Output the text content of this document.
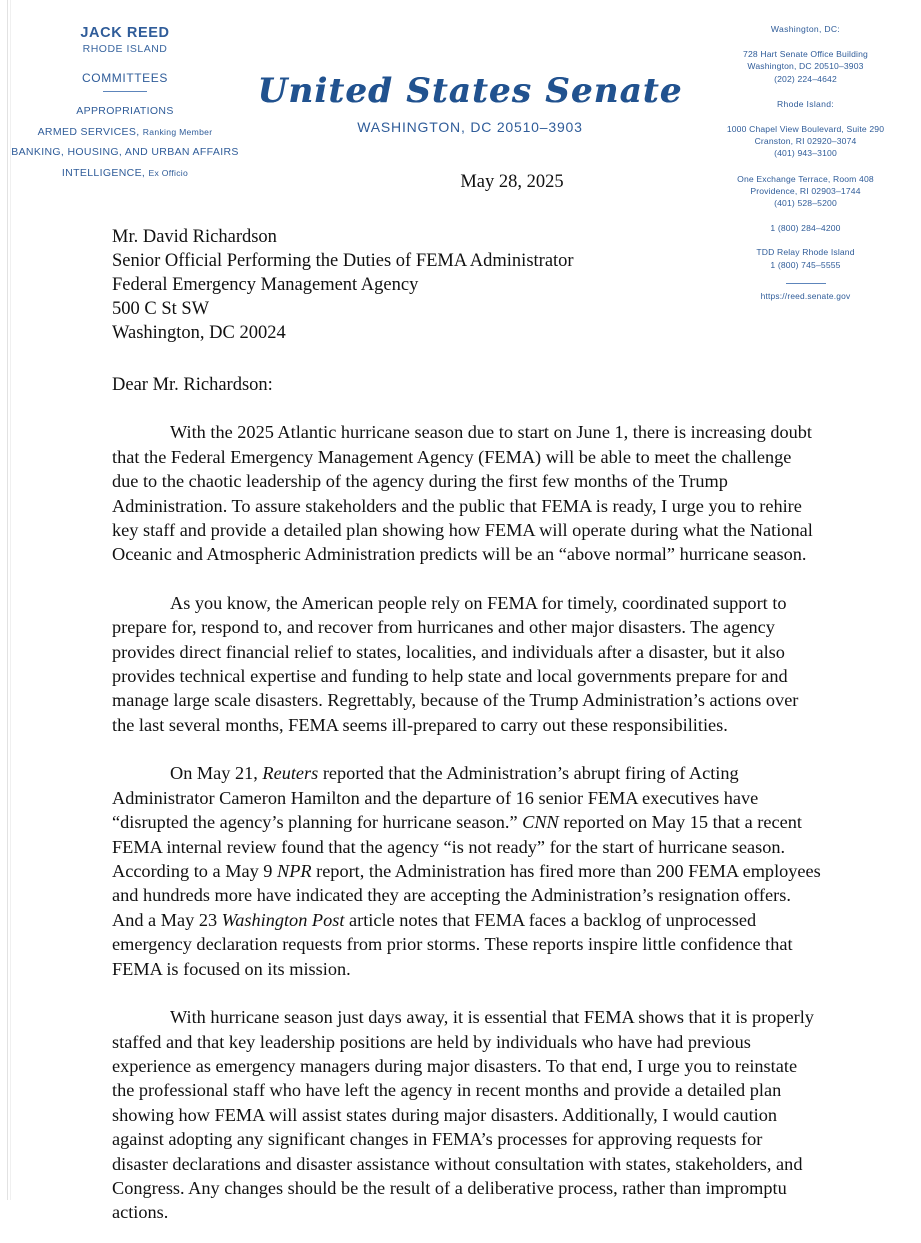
JACK REED
RHODE ISLAND
COMMITTEES
APPROPRIATIONS
ARMED SERVICES, Ranking Member
BANKING, HOUSING, AND URBAN AFFAIRS
INTELLIGENCE, Ex Officio
United States Senate
WASHINGTON, DC 20510–3903
Washington, DC:
728 Hart Senate Office Building
Washington, DC 20510–3903
(202) 224–4642
Rhode Island:
1000 Chapel View Boulevard, Suite 290
Cranston, RI 02920–3074
(401) 943–3100
One Exchange Terrace, Room 408
Providence, RI 02903–1744
(401) 528–5200
1 (800) 284–4200
TDD Relay Rhode Island
1 (800) 745–5555
https://reed.senate.gov
May 28, 2025
Mr. David Richardson
Senior Official Performing the Duties of FEMA Administrator
Federal Emergency Management Agency
500 C St SW
Washington, DC 20024
Dear Mr. Richardson:

With the 2025 Atlantic hurricane season due to start on June 1, there is increasing doubt that the Federal Emergency Management Agency (FEMA) will be able to meet the challenge due to the chaotic leadership of the agency during the first few months of the Trump Administration. To assure stakeholders and the public that FEMA is ready, I urge you to rehire key staff and provide a detailed plan showing how FEMA will operate during what the National Oceanic and Atmospheric Administration predicts will be an “above normal” hurricane season.

As you know, the American people rely on FEMA for timely, coordinated support to prepare for, respond to, and recover from hurricanes and other major disasters. The agency provides direct financial relief to states, localities, and individuals after a disaster, but it also provides technical expertise and funding to help state and local governments prepare for and manage large scale disasters. Regrettably, because of the Trump Administration’s actions over the last several months, FEMA seems ill-prepared to carry out these responsibilities.

On May 21, Reuters reported that the Administration’s abrupt firing of Acting Administrator Cameron Hamilton and the departure of 16 senior FEMA executives have “disrupted the agency’s planning for hurricane season.” CNN reported on May 15 that a recent FEMA internal review found that the agency “is not ready” for the start of hurricane season. According to a May 9 NPR report, the Administration has fired more than 200 FEMA employees and hundreds more have indicated they are accepting the Administration’s resignation offers. And a May 23 Washington Post article notes that FEMA faces a backlog of unprocessed emergency declaration requests from prior storms. These reports inspire little confidence that FEMA is focused on its mission.

With hurricane season just days away, it is essential that FEMA shows that it is properly staffed and that key leadership positions are held by individuals who have had previous experience as emergency managers during major disasters. To that end, I urge you to reinstate the professional staff who have left the agency in recent months and provide a detailed plan showing how FEMA will assist states during major disasters. Additionally, I would caution against adopting any significant changes in FEMA’s processes for approving requests for disaster declarations and disaster assistance without consultation with states, stakeholders, and Congress. Any changes should be the result of a deliberative process, rather than impromptu actions.
